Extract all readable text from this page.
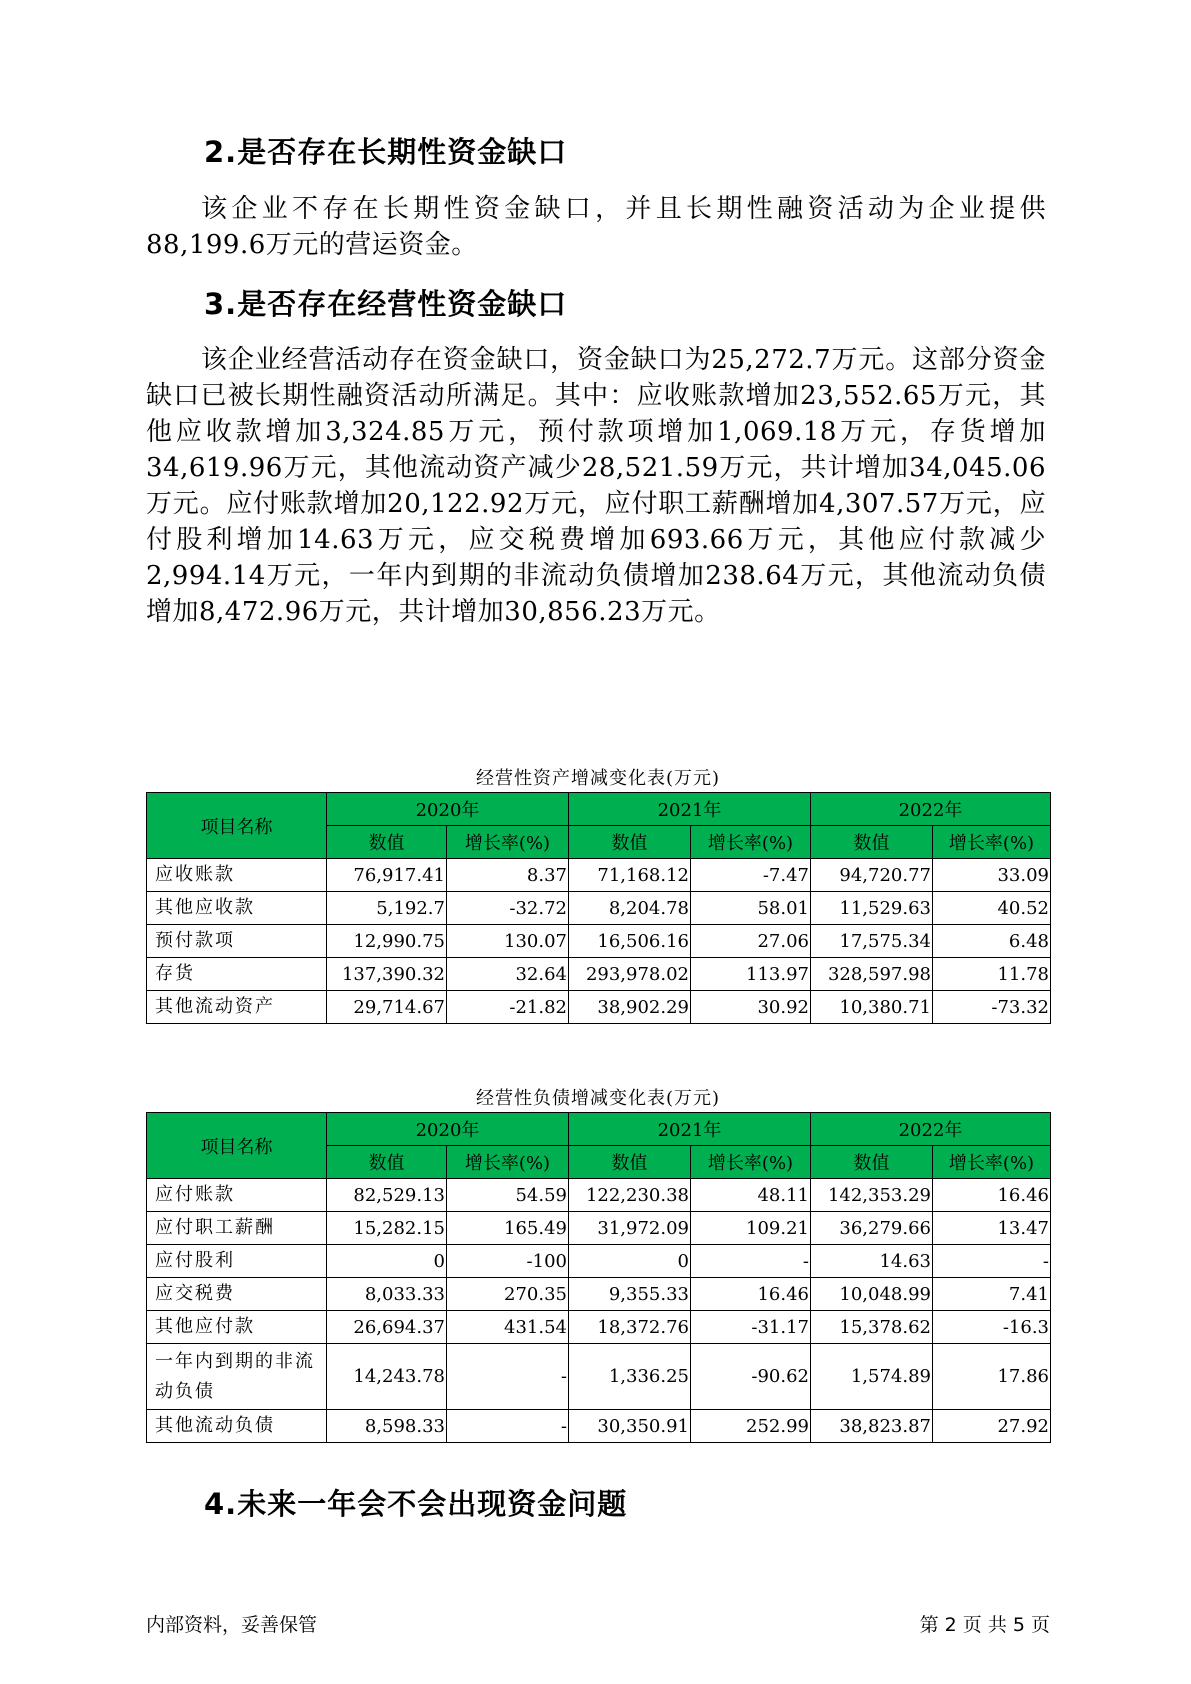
2.是否存在长期性资金缺口
该企业不存在长期性资金缺口，并且长期性融资活动为企业提供88,199.6万元的营运资金。
3.是否存在经营性资金缺口
该企业经营活动存在资金缺口，资金缺口为25,272.7万元。这部分资金缺口已被长期性融资活动所满足。其中：应收账款增加23,552.65万元，其他应收款增加3,324.85万元，预付款项增加1,069.18万元，存货增加34,619.96万元，其他流动资产减少28,521.59万元，共计增加34,045.06万元。应付账款增加20,122.92万元，应付职工薪酬增加4,307.57万元，应付股利增加14.63万元，应交税费增加693.66万元，其他应付款减少2,994.14万元，一年内到期的非流动负债增加238.64万元，其他流动负债增加8,472.96万元，共计增加30,856.23万元。
经营性资产增减变化表(万元)
项目名称	2020年		2021年		2022年	
	数值	增长率(%)	数值	增长率(%)	数值	增长率(%)
应收账款	76,917.41	8.37	71,168.12	-7.47	94,720.77	33.09
其他应收款	5,192.7	-32.72	8,204.78	58.01	11,529.63	40.52
预付款项	12,990.75	130.07	16,506.16	27.06	17,575.34	6.48
存货	137,390.32	32.64	293,978.02	113.97	328,597.98	11.78
其他流动资产	29,714.67	-21.82	38,902.29	30.92	10,380.71	-73.32
经营性负债增减变化表(万元)
项目名称	2020年		2021年		2022年	
	数值	增长率(%)	数值	增长率(%)	数值	增长率(%)
应付账款	82,529.13	54.59	122,230.38	48.11	142,353.29	16.46
应付职工薪酬	15,282.15	165.49	31,972.09	109.21	36,279.66	13.47
应付股利	0	-100	0	-	14.63	-
应交税费	8,033.33	270.35	9,355.33	16.46	10,048.99	7.41
其他应付款	26,694.37	431.54	18,372.76	-31.17	15,378.62	-16.3
一年内到期的非流动负债	14,243.78	-	1,336.25	-90.62	1,574.89	17.86
其他流动负债	8,598.33	-	30,350.91	252.99	38,823.87	27.92
4.未来一年会不会出现资金问题
内部资料，妥善保管	第 2 页 共 5 页
